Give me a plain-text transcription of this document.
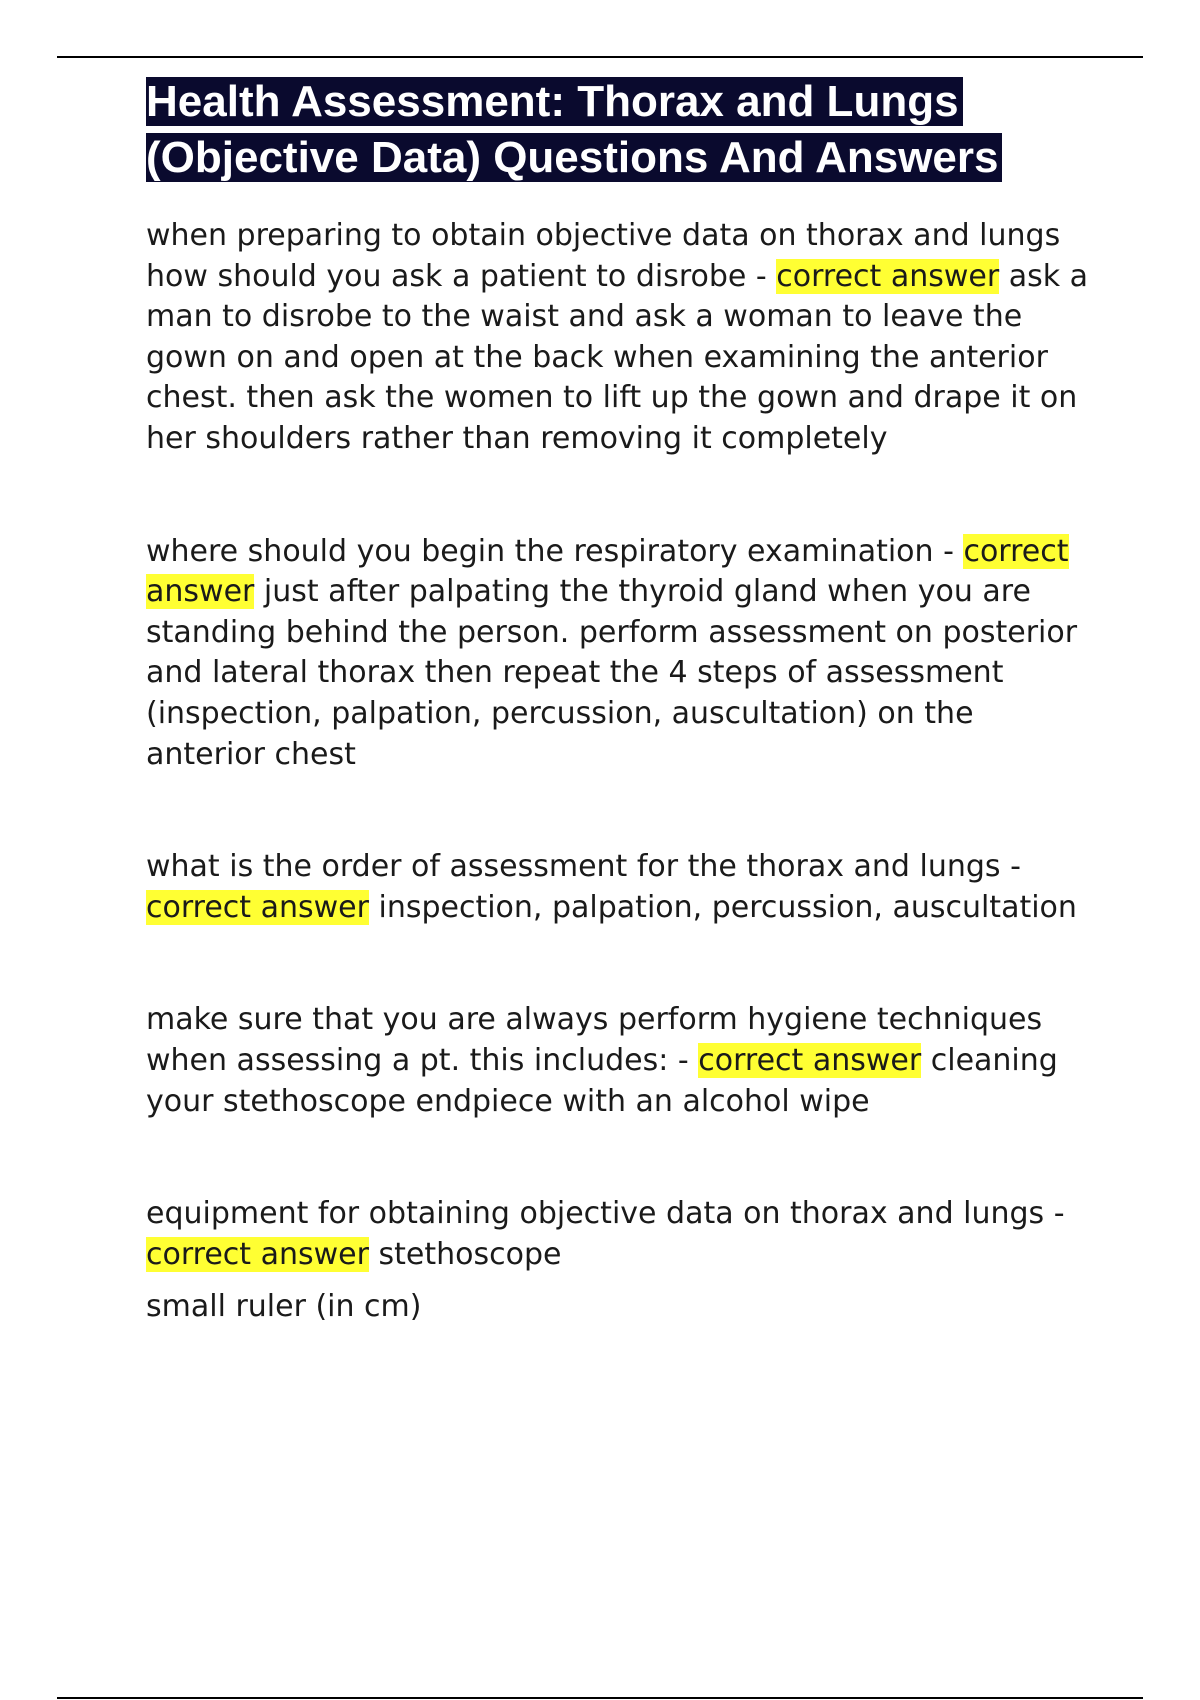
Health Assessment: Thorax and Lungs (Objective Data) Questions And Answers

when preparing to obtain objective data on thorax and lungs how should you ask a patient to disrobe - correct answer ask a man to disrobe to the waist and ask a woman to leave the gown on and open at the back when examining the anterior chest. then ask the women to lift up the gown and drape it on her shoulders rather than removing it completely

where should you begin the respiratory examination - correct answer just after palpating the thyroid gland when you are standing behind the person. perform assessment on posterior and lateral thorax then repeat the 4 steps of assessment (inspection, palpation, percussion, auscultation) on the anterior chest

what is the order of assessment for the thorax and lungs - correct answer inspection, palpation, percussion, auscultation

make sure that you are always perform hygiene techniques when assessing a pt. this includes: - correct answer cleaning your stethoscope endpiece with an alcohol wipe

equipment for obtaining objective data on thorax and lungs - correct answer stethoscope

small ruler (in cm)
